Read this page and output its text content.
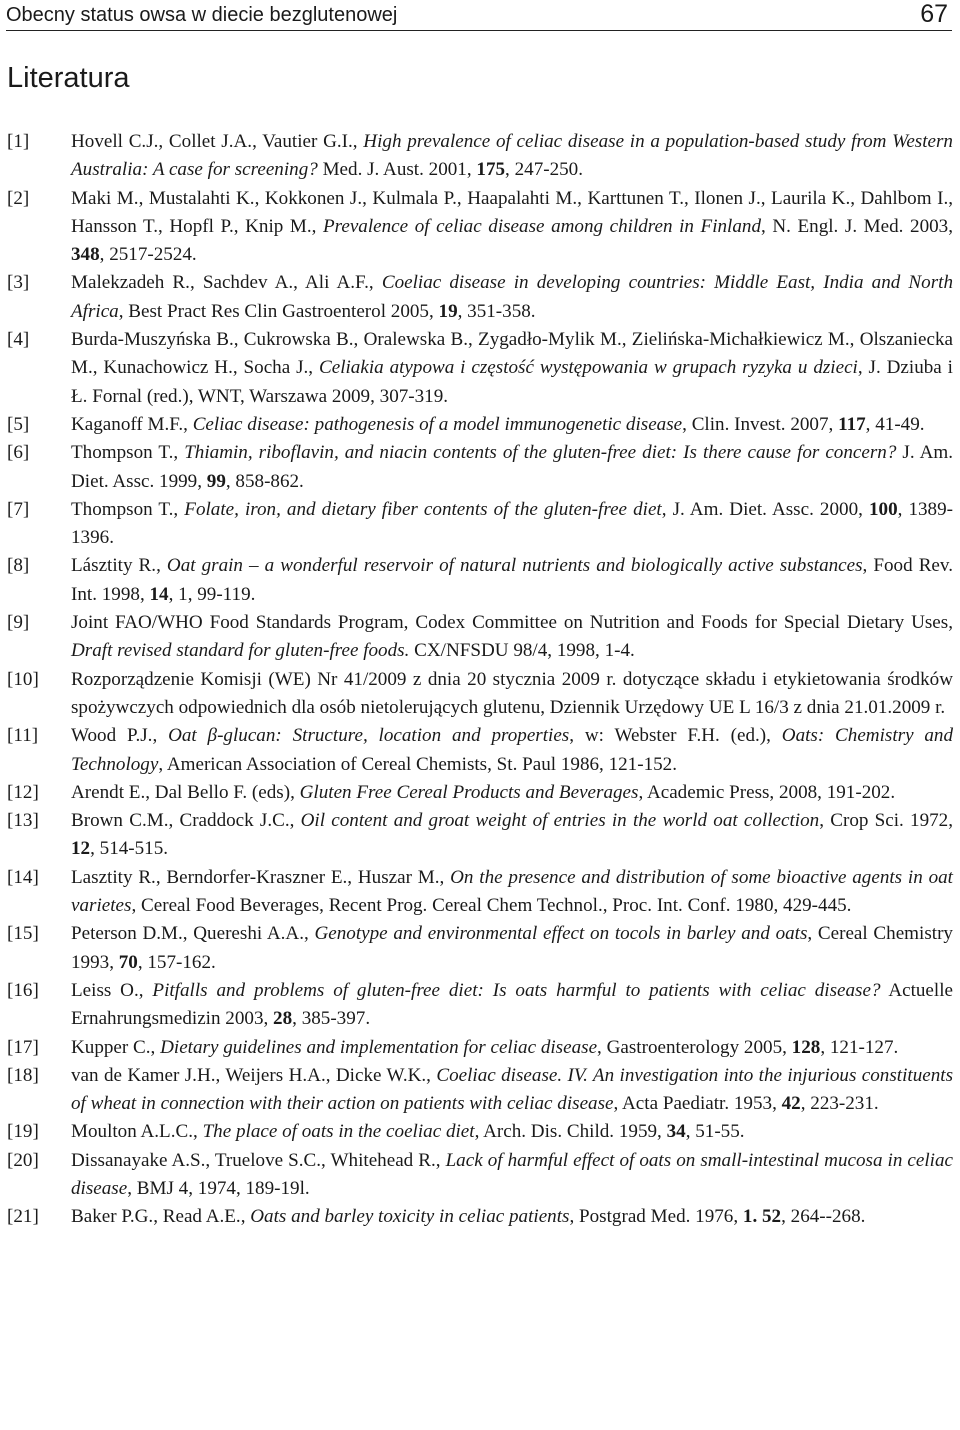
Obecny status owsa w diecie bezglutenowej	67
Literatura
[1]	Hovell C.J., Collet J.A., Vautier G.I., High prevalence of celiac disease in a population-based study from Western Australia: A case for screening? Med. J. Aust. 2001, 175, 247-250.
[2]	Maki M., Mustalahti K., Kokkonen J., Kulmala P., Haapalahti M., Karttunen T., Ilonen J., Laurila K., Dahlbom I., Hansson T., Hopfl P., Knip M., Prevalence of celiac disease among children in Finland, N. Engl. J. Med. 2003, 348, 2517-2524.
[3]	Malekzadeh R., Sachdev A., Ali A.F., Coeliac disease in developing countries: Middle East, India and North Africa, Best Pract Res Clin Gastroenterol 2005, 19, 351-358.
[4]	Burda-Muszyńska B., Cukrowska B., Oralewska B., Zygadło-Mylik M., Zielińska-Michałkiewicz M., Olszaniecka M., Kunachowicz H., Socha J., Celiakia atypowa i częstość występowania w grupach ryzyka u dzieci, J. Dziuba i Ł. Fornal (red.), WNT, Warszawa 2009, 307-319.
[5]	Kaganoff M.F., Celiac disease: pathogenesis of a model immunogenetic disease, Clin. Invest. 2007, 117, 41-49.
[6]	Thompson T., Thiamin, riboflavin, and niacin contents of the gluten-free diet: Is there cause for concern? J. Am. Diet. Assc. 1999, 99, 858-862.
[7]	Thompson T., Folate, iron, and dietary fiber contents of the gluten-free diet, J. Am. Diet. Assc. 2000, 100, 1389-1396.
[8]	Lásztity R., Oat grain – a wonderful reservoir of natural nutrients and biologically active substances, Food Rev. Int. 1998, 14, 1, 99-119.
[9]	Joint FAO/WHO Food Standards Program, Codex Committee on Nutrition and Foods for Special Dietary Uses, Draft revised standard for gluten-free foods. CX/NFSDU 98/4, 1998, 1-4.
[10]	Rozporządzenie Komisji (WE) Nr 41/2009 z dnia 20 stycznia 2009 r. dotyczące składu i etykietowania środków spożywczych odpowiednich dla osób nietolerujących glutenu, Dziennik Urzędowy UE L 16/3 z dnia 21.01.2009 r.
[11]	Wood P.J., Oat β-glucan: Structure, location and properties, w: Webster F.H. (ed.), Oats: Chemistry and Technology, American Association of Cereal Chemists, St. Paul 1986, 121-152.
[12]	Arendt E., Dal Bello F. (eds), Gluten Free Cereal Products and Beverages, Academic Press, 2008, 191-202.
[13]	Brown C.M., Craddock J.C., Oil content and groat weight of entries in the world oat collection, Crop Sci. 1972, 12, 514-515.
[14]	Lasztity R., Berndorfer-Kraszner E., Huszar M., On the presence and distribution of some bioactive agents in oat varietes, Cereal Food Beverages, Recent Prog. Cereal Chem Technol., Proc. Int. Conf. 1980, 429-445.
[15]	Peterson D.M., Quereshi A.A., Genotype and environmental effect on tocols in barley and oats, Cereal Chemistry 1993, 70, 157-162.
[16]	Leiss O., Pitfalls and problems of gluten-free diet: Is oats harmful to patients with celiac disease? Actuelle Ernahrungsmedizin 2003, 28, 385-397.
[17]	Kupper C., Dietary guidelines and implementation for celiac disease, Gastroenterology 2005, 128, 121-127.
[18]	van de Kamer J.H., Weijers H.A., Dicke W.K., Coeliac disease. IV. An investigation into the injurious constituents of wheat in connection with their action on patients with celiac disease, Acta Paediatr. 1953, 42, 223-231.
[19]	Moulton A.L.C., The place of oats in the coeliac diet, Arch. Dis. Child. 1959, 34, 51-55.
[20]	Dissanayake A.S., Truelove S.C., Whitehead R., Lack of harmful effect of oats on small-intestinal mucosa in celiac disease, BMJ 4, 1974, 189-19l.
[21]	Baker P.G., Read A.E., Oats and barley toxicity in celiac patients, Postgrad Med. 1976, 1. 52, 264--268.
